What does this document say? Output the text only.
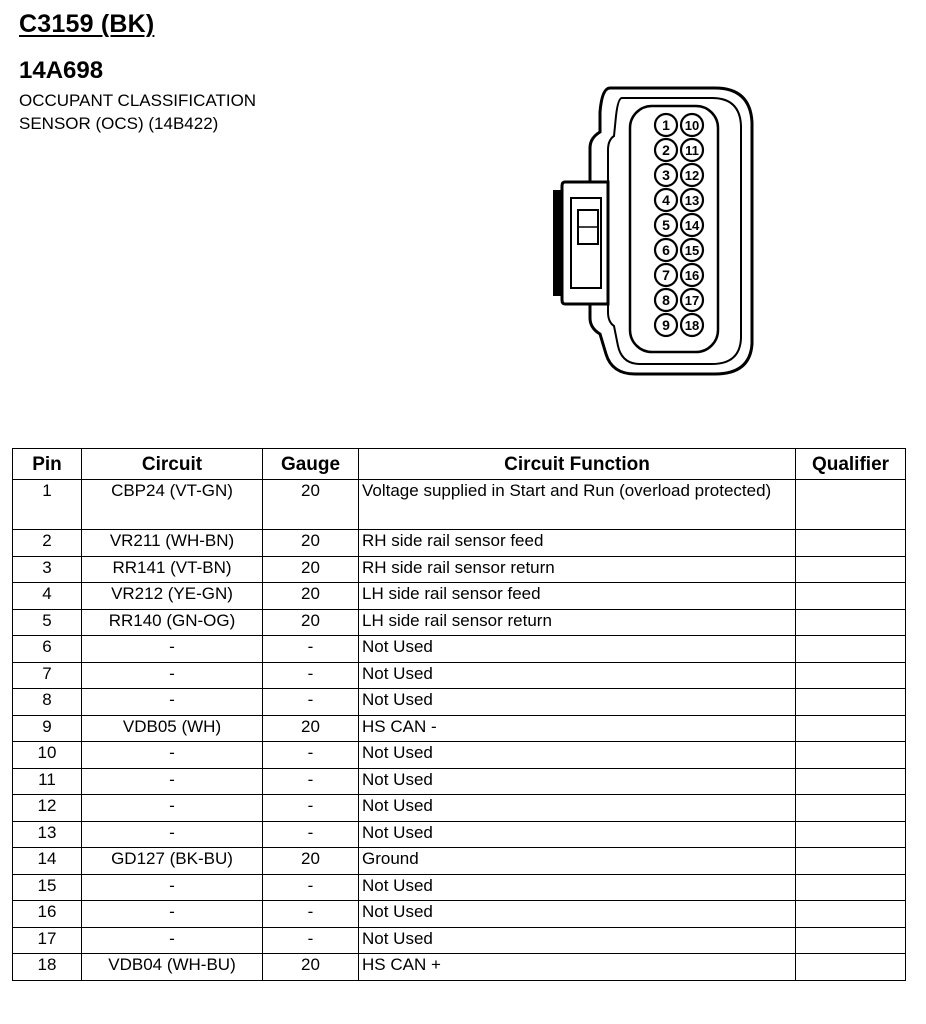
C3159 (BK)
14A698

OCCUPANT CLASSIFICATION

SENSOR (OCS) (14B422)	1
2
3
4
5
6
7
8
9
10
11
12
13
14
15
16
17
18
Pin	Circuit	Gauge	Circuit Function	Qualifier
1	CBP24 (VT-GN)	20	Voltage supplied in Start and Run (overload protected)	
2	VR211 (WH-BN)	20	RH side rail sensor feed	
3	RR141 (VT-BN)	20	RH side rail sensor return	
4	VR212 (YE-GN)	20	LH side rail sensor feed	
5	RR140 (GN-OG)	20	LH side rail sensor return	
6	-	-	Not Used	
7	-	-	Not Used	
8	-	-	Not Used	
9	VDB05 (WH)	20	HS CAN -	
10	-	-	Not Used	
11	-	-	Not Used	
12	-	-	Not Used	
13	-	-	Not Used	
14	GD127 (BK-BU)	20	Ground	
15	-	-	Not Used	
16	-	-	Not Used	
17	-	-	Not Used	
18	VDB04 (WH-BU)	20	HS CAN +	
